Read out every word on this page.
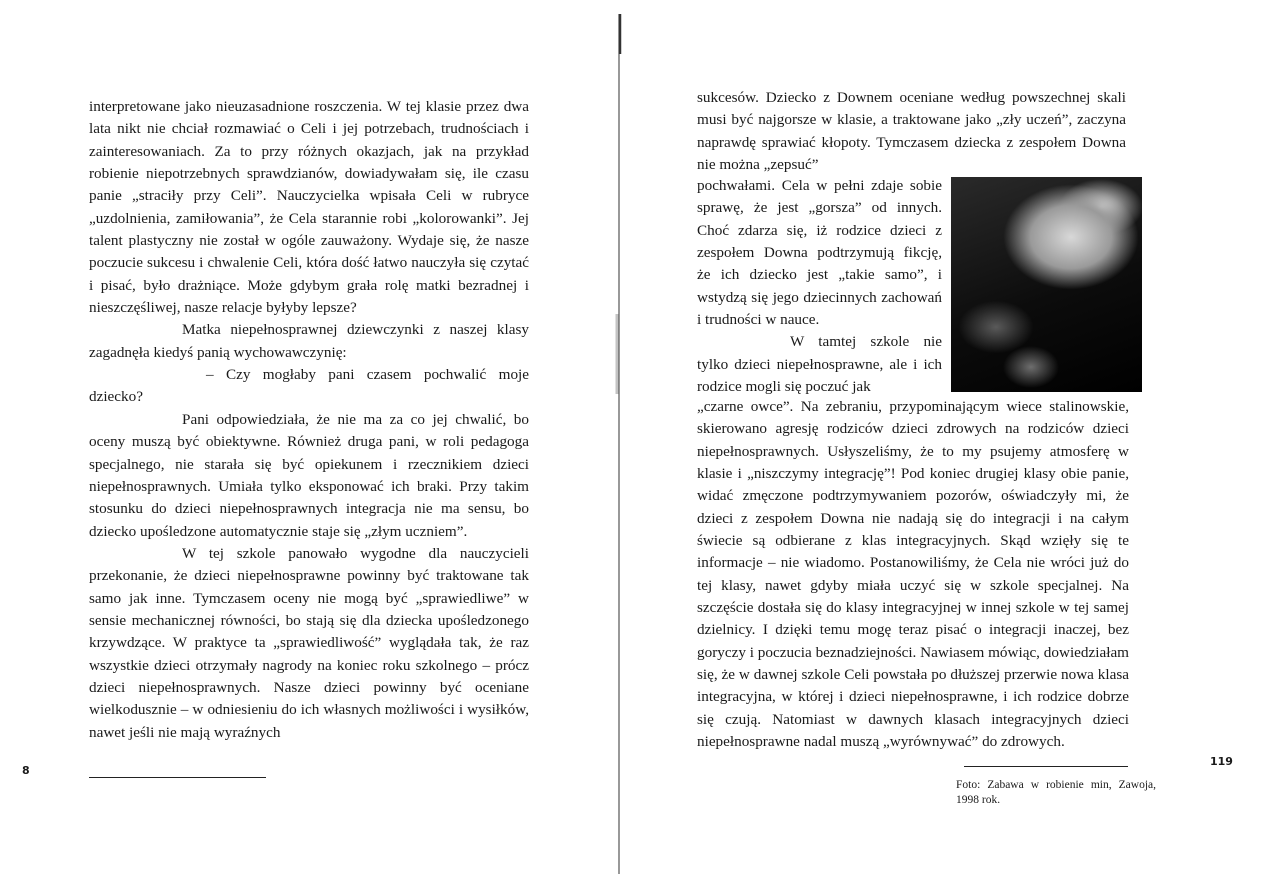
interpretowane jako nieuzasadnione roszczenia. W tej klasie przez dwa lata nikt nie chciał rozmawiać o Celi i jej potrzebach, trudnościach i zainteresowaniach. Za to przy różnych okazjach, jak na przykład robienie niepotrzebnych sprawdzianów, dowiadywałam się, ile czasu panie „straciły przy Celi”. Nauczycielka wpisała Celi w rubryce „uzdolnienia, zamiłowania”, że Cela starannie robi „kolorowanki”. Jej talent plastyczny nie został w ogóle zauważony. Wydaje się, że nasze poczucie sukcesu i chwalenie Celi, która dość łatwo nauczyła się czytać i pisać, było drażniące. Może gdybym grała rolę matki bezradnej i nieszczęśliwej, nasze relacje byłyby lepsze?

Matka niepełnosprawnej dziewczynki z naszej klasy zagadnęła kiedyś panią wychowawczynię:

– Czy mogłaby pani czasem pochwalić moje dziecko?

Pani odpowiedziała, że nie ma za co jej chwalić, bo oceny muszą być obiektywne. Również druga pani, w roli pedagoga specjalnego, nie starała się być opiekunem i rzecznikiem dzieci niepełnosprawnych. Umiała tylko eksponować ich braki. Przy takim stosunku do dzieci niepełnosprawnych integracja nie ma sensu, bo dziecko upośledzone automatycznie staje się „złym uczniem”.

W tej szkole panowało wygodne dla nauczycieli przekonanie, że dzieci niepełnosprawne powinny być traktowane tak samo jak inne. Tymczasem oceny nie mogą być „sprawiedliwe” w sensie mechanicznej równości, bo stają się dla dziecka upośledzonego krzywdzące. W praktyce ta „sprawiedliwość” wyglądała tak, że raz wszystkie dzieci otrzymały nagrody na koniec roku szkolnego – prócz dzieci niepełnosprawnych. Nasze dzieci powinny być oceniane wielkodusznie – w odniesieniu do ich własnych możliwości i wysiłków, nawet jeśli nie mają wyraźnych

8

sukcesów. Dziecko z Downem oceniane według powszechnej skali musi być najgorsze w klasie, a traktowane jako „zły uczeń”, zaczyna naprawdę sprawiać kłopoty. Tymczasem dziecka z zespołem Downa nie można „zepsuć”

pochwałami. Cela w pełni zdaje sobie sprawę, że jest „gorsza” od innych. Choć zdarza się, iż rodzice dzieci z zespołem Downa podtrzymują fikcję, że ich dziecko jest „takie samo”, i wstydzą się jego dziecinnych zachowań i trudności w nauce.

W tamtej szkole nie tylko dzieci niepełnosprawne, ale i ich rodzice mogli się poczuć jak

„czarne owce”. Na zebraniu, przypominającym wiece stalinowskie, skierowano agresję rodziców dzieci zdrowych na rodziców dzieci niepełnosprawnych. Usłyszeliśmy, że to my psujemy atmosferę w klasie i „niszczymy integrację”! Pod koniec drugiej klasy obie panie, widać zmęczone podtrzymywaniem pozorów, oświadczyły mi, że dzieci z zespołem Downa nie nadają się do integracji i na całym świecie są odbierane z klas integracyjnych. Skąd wzięły się te informacje – nie wiadomo. Postanowiliśmy, że Cela nie wróci już do tej klasy, nawet gdyby miała uczyć się w szkole specjalnej. Na szczęście dostała się do klasy integracyjnej w innej szkole w tej samej dzielnicy. I dzięki temu mogę teraz pisać o integracji inaczej, bez goryczy i poczucia beznadziejności. Nawiasem mówiąc, dowiedziałam się, że w dawnej szkole Celi powstała po dłuższej przerwie nowa klasa integracyjna, w której i dzieci niepełnosprawne, i ich rodzice dobrze się czują. Natomiast w dawnych klasach integracyjnych dzieci niepełnosprawne nadal muszą „wyrównywać” do zdrowych.

Foto: Zabawa w robienie min, Zawoja, 1998 rok.
119
